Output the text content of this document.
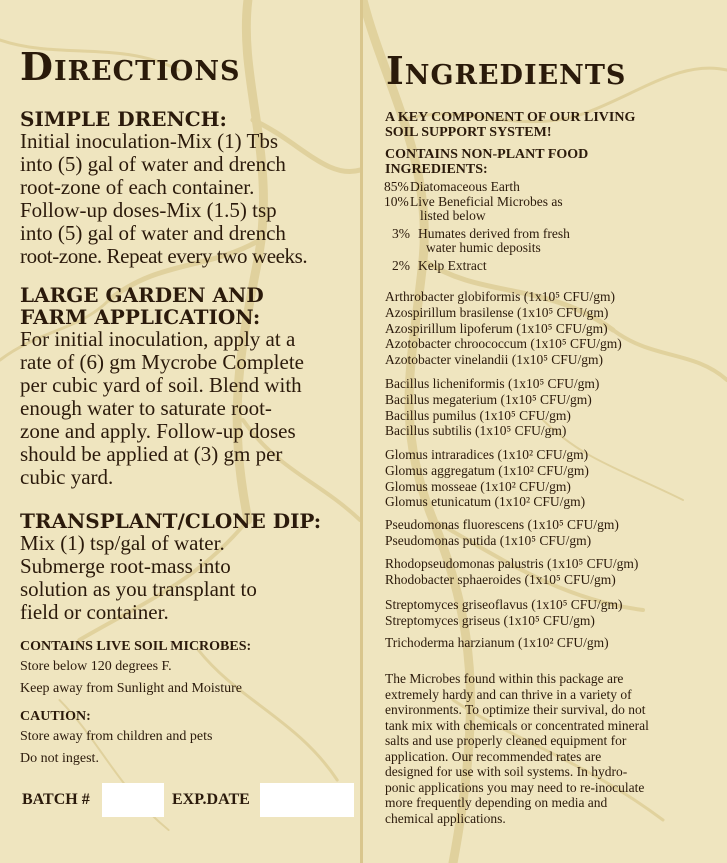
Directions
SIMPLE DRENCH:
Initial inoculation-Mix (1) Tbs
into (5) gal of water and drench
root-zone of each container.
Follow-up doses-Mix (1.5) tsp
into (5) gal of water and drench
root-zone. Repeat every two weeks.
LARGE GARDEN AND
FARM APPLICATION:
For initial inoculation, apply at a
rate of (6) gm Mycrobe Complete
per cubic yard of soil. Blend with
enough water to saturate root-
zone and apply. Follow-up doses
should be applied at (3) gm per
cubic yard.
TRANSPLANT/CLONE DIP:
Mix (1) tsp/gal of water.
Submerge root-mass into
solution as you transplant to
field or container.
CONTAINS LIVE SOIL MICROBES:
Store below 120 degrees F.
Keep away from Sunlight and Moisture
CAUTION:
Store away from children and pets
Do not ingest.
BATCH #	EXP.DATE
Ingredients
A KEY COMPONENT OF OUR LIVING
SOIL SUPPORT SYSTEM!
CONTAINS NON-PLANT FOOD
INGREDIENTS:
85%Diatomaceous Earth
10%Live Beneficial Microbes as
listed below
3% Humates derived from fresh
water humic deposits
2% Kelp Extract
Arthrobacter globiformis (1x10⁵ CFU/gm)
Azospirillum brasilense (1x10⁵ CFU/gm)
Azospirillum lipoferum (1x10⁵ CFU/gm)
Azotobacter chroococcum (1x10⁵ CFU/gm)
Azotobacter vinelandii (1x10⁵ CFU/gm)
Bacillus licheniformis (1x10⁵ CFU/gm)
Bacillus megaterium (1x10⁵ CFU/gm)
Bacillus pumilus (1x10⁵ CFU/gm)
Bacillus subtilis (1x10⁵ CFU/gm)
Glomus intraradices (1x10² CFU/gm)
Glomus aggregatum (1x10² CFU/gm)
Glomus mosseae (1x10² CFU/gm)
Glomus etunicatum (1x10² CFU/gm)
Pseudomonas fluorescens (1x10⁵ CFU/gm)
Pseudomonas putida (1x10⁵ CFU/gm)
Rhodopseudomonas palustris (1x10⁵ CFU/gm)
Rhodobacter sphaeroides (1x10⁵ CFU/gm)
Streptomyces griseoflavus (1x10⁵ CFU/gm)
Streptomyces griseus (1x10⁵ CFU/gm)
Trichoderma harzianum (1x10² CFU/gm)
The Microbes found within this package are
extremely hardy and can thrive in a variety of
environments. To optimize their survival, do not
tank mix with chemicals or concentrated mineral
salts and use properly cleaned equipment for
application. Our recommended rates are
designed for use with soil systems. In hydro-
ponic applications you may need to re-inoculate
more frequently depending on media and
chemical applications.
